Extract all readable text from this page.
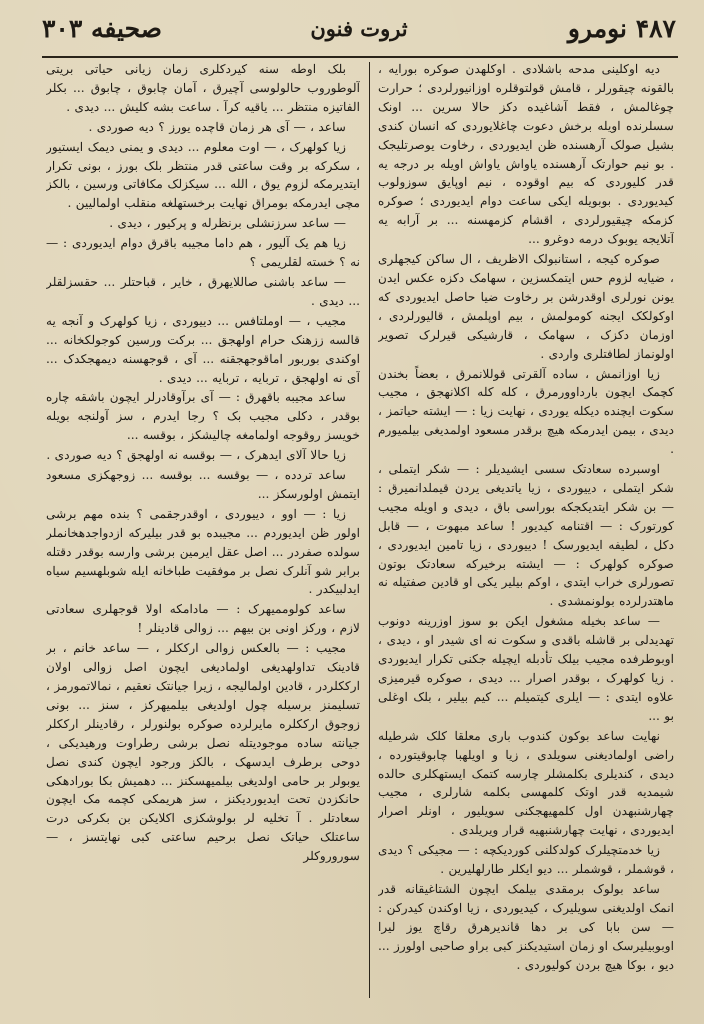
۴۸۷ نومرو
ثروت فنون
صحیفه ۳۰۳

دیه اوکلینی مدحه باشلادی . اوکلهدن صوکره بورایه ، بالقونه چیقورلر ، قامش قولتوقلره اوزانیورلردی ؛ حرارت چوغالمش ، فقط آشاغیده دکز حالا سرین ... اونک سسلرنده اویله برخش دعوت چاغلایوردی که انسان کندی بشیل صولک آرهسنده ظن ایدیوردی ، رخاوت یوصرتلیجک . بو نیم حوارتک آرهسنده یاواش یاواش اویله بر درجه یه قدر کلیوردی که بیم اوقوده ، نیم اوپایق سوزولوب کیدیوردی . بوبویله ایکی ساعت دوام ایدیوردی ؛ صوکره کزمکه چیقیورلردی ، اقشام کزمهسنه ... بر آرابه یه آتلایجه یوبوک درمه دوغرو ...

صوکره کیجه ، استانبولک الاظریف ، ال ساکن کیجهلری ، ضیایه لزوم حس ایتمکسزین ، سهامک دکزه عکس ایدن یونن نورلری اوقدرشن بر رخاوت ضیا حاصل ایدیوردی که اوکولکک ایجنه کومولمش ، بیم اوپلمش ، قالیورلردی ، اوزمان دکزک ، سهامک ، قارشیکی قیرلرک تصویر اولونماز لطافتلری واردی .

زیا اوزانمش ، ساده آلقرتی قوللانمرق ، بعضاً بخندن کچمک ایچون بارداوورمرق ، کله کله اکلانهجق ، مجیب سکوت ایچنده دیکله یوردی ، نهایت زیا : — ایشته حیاتمز ، دیدی ، بیمن ایدرمکه هیچ برقدر مسعود اولمدیغی بیلمیورم .

اوسبرده سعادتک سسی ایشیدیلر : — شکر ایتملی ، شکر ایتملی ، دییوردی ، زیا یاتدیغی یردن قیملدانمیرق : — بن شکر ایتدیکجکه بوراسی باق ، دیدی و اویله مجیب کورتورک : — اقتنامه کیدیور ! ساعد مبهوت ، — قابل دکل ، لطیفه ایدیورسک ! دییوردی ، زیا تامین ایدیوردی ، صوکره کولهرک : — ایشته برخیرکه سعادتک بوتون تصورلری خراب ایتدی ، اوکم بیلیر یکی او قادین صفتیله نه ماهتدرلرده بولونمشدی .

— ساعد بخیله مشغول ایکن بو سوز اوزرینه دونوب تهدیدلی بر قاشله باقدی و سکوت نه ای شیدر او ، دیدی ، اوبوطرفده مجیب بیلک تأدبله ایچیله جکنی تکرار ایدیوردی . زیا کولهرک ، بوقدر اصرار ... دیدی ، صوکره قیرمیزی علاوه ایتدی : — ایلری کیتمیلم ... کیم بیلیر ، بلک اوغلی بو ...

نهایت ساعد بوکون کندوب باری معلقا کلک شرطیله راضی اولمادیغنی سویلدی ، زیا و اویلهبا چابوقیتورده ، دیدی ، کندیلری بکلمشلر چارسه کتمک ایستهکلری حالده شیمدیه قدر اوتک کلمهسی بکلمه شارلری ، مجیب چهارشنبهدن اول کلمهیهجکنی سویلیور ، اونلر اصرار ایدیوردی ، نهایت چهارشنبهیه قرار ویریلدی .

زیا خدمتچیلرک کولدکلنی کوردیکچه : — مجیکی ؟ دیدی ، قوشملر ، قوشملر ... دیو ایکلر طارلهلیرین .

ساعد بولوک برمقدی بیلمک ایچون الشتاغیقانه قدر انمک اولدیغنی سویلیرک ، کیدیوردی ، زیا اوکندن کیدرکن : — سن بابا کی بر دها قاندیرهرق رقاچ یوز لیرا اوبوبیلیرسک او زمان استیدیکنز کبی براو صاحبی اولورز ... دیو ، بوکا هیچ بردن کولیوردی .

بلک اوطه سنه کیردکلری زمان زیانی حیاتی بریتی آلوطوروب حالولوسی آچیرق ، آمان چابوق ، چابوق ... بکلر الفاتیزه منتظر ... یاقیه کرآ . ساعت بشه کلیش ... دیدی .

ساعد ، — آی هر زمان قاچده یورز ؟ دیه صوردی .

زیا کولهرک ، — اوت معلوم ... دیدی و یمنی دیمک ایستیور ، سکرکه بر وقت ساعتی قدر منتظر بلک بورز ، بونی تکرار ایتدیرمکه لزوم یوق ، الله ... سیکزلک مکافاتی ورسین ، بالکز مچی ایدرمکه بومراق نهایت برخستهلغه منقلب اولمالیین .

— ساعد سرزنشلی برنظرله و پرکیور ، دیدی .

زیا هم یک آلیور ، هم داما مجیبه باقرق دوام ایدیوردی : — نه ؟ خسته لقلریمی ؟

— ساعد باشنی صاللایهرق ، خایر ، قباحتلر ... حقسزلقلر ... دیدی .

مجیب ، — اوملتافس ... دییوردی ، زیا کولهرک و آنجه یه قالسه ززهنک حرام اولهجق ... برکت ورسین کوجولکخانه ... اوکندی بوربور اماقوجهجقنه ... آی ، قوجهسنه دیمهجکدک ... آی نه اولهجق ، تربایه ، تربایه ... دیدی .

ساعد مجیبه باقهرق : — آی برآوقادرلر ایچون باشقه چاره بوقدر ، دکلی مجیب بک ؟ رجا ایدرم ، سز آولنجه بویله خویسز روقوجه اولمامغه چالیشکز ، بوقسه ...

زیا حالا آلای ایدهرک ، — بوقسه نه اولهجق ؟ دیه صوردی .

ساعد تردده ، — بوقسه ... بوقسه ... زوجهکزی مسعود ایتمش اولورسکز ...

زیا : — اوو ، دییوردی ، اوقدرجقمی ؟ بنده مهم برشی اولور ظن ایدیوردم ... مجیبده بو قدر بیلیرکه ازدواجدهخانملر سولده صفردر ... اصل عقل ایرمین برشی وارسه بوقدر دقتله برابر شو آنلرک نصل بر موفقیت طباخانه ایله شوبلهسیم سیاه ایدلبیکدر .

ساعد کولوممیهرک : — مادامکه اولا قوجهلری سعادتی لازم ، ورکز اونی بن بیهم ... زوالی قادینلر !

مجیب : — بالعکس زوالی ارککلر ، — ساعد خانم ، بر قادینک تداولهدیغی اولمادیغی ایچون اصل زوالی اولان ارککلردر ، قادین اولمالیجه ، زیرا جیانتک نعقیم ، نمالاتمورمز ، تسلیمنز برسیله چول اولدیغی بیلمیهرکز ، سنز ... بونی زوجوق ارککلره مایرلرده صوکره بولنورلر ، رقادینلر ارککلر جیانته ساده موجودیتله نصل برشی رطراوت ورهیدیکی ، دوحی برطرف ایدسهک ، بالکز ورجود ایچون کندی نصل یوبولر بر حامی اولدیغی بیلمیهسکنز ... دهمیش بکا بورادهکی حانکزدن تحت ایدیوردیکنز ، سز هریمکی کچمه مک ایچون سعادتلر . آ تخلیه لر بولوشکزی اکلایکن بن بکرکی درت ساعتلک حیاتک نصل برحیم ساعتی کبی نهایتسز ، — سوروروکلر
